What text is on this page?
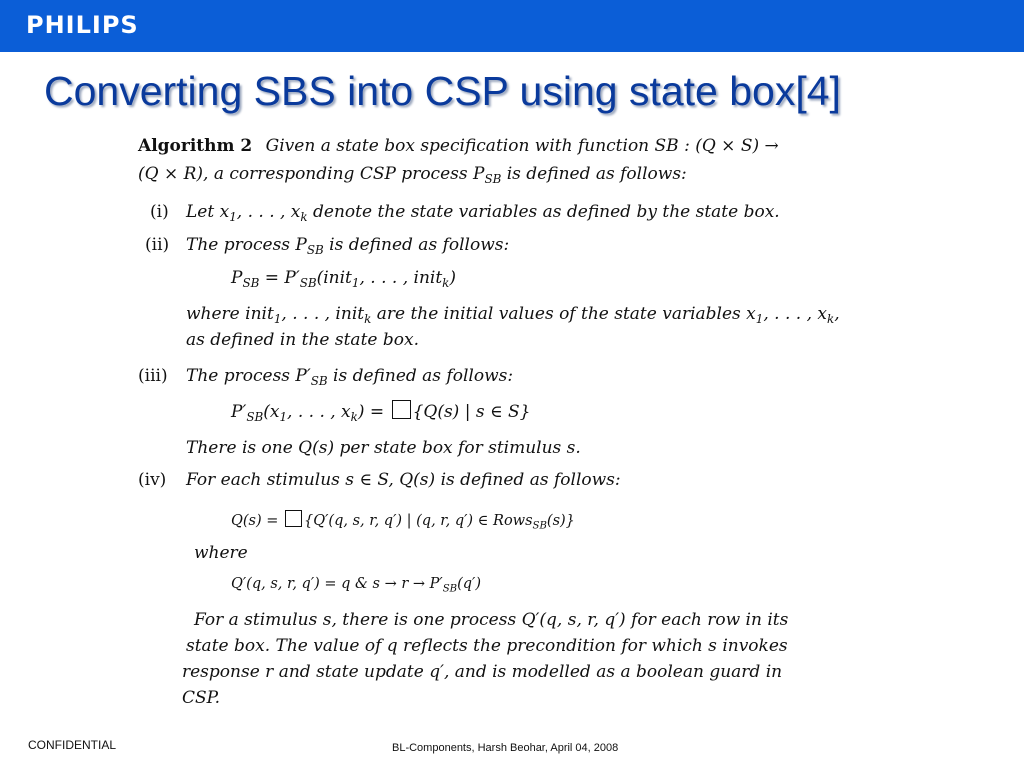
PHILIPS
Converting SBS into CSP using state box[4]
Algorithm 2 Given a state box specification with function SB : (Q × S) →
(Q × R), a corresponding CSP process $P_{SB}$ is defined as follows:
(i) Let $x_1$, . . . , $x_k$ denote the state variables as defined by the state box.
(ii) The process $P_{SB}$ is defined as follows:
$P_{SB}$ = $P'_{SB}(init_1$, . . . , init$_k$)
where init$_1$, . . . , init$_k$ are the initial values of the state variables $x_1$, . . . , $x_k$,
as defined in the state box.
(iii) The process $P'_{SB}$ is defined as follows:
$P'_{SB}(x_1$, . . . , $x_k) = \{Q(s)$ | s ∈ S}
There is one Q(s) per state box for stimulus s.
(iv) For each stimulus s ∈ S, Q(s) is defined as follows:
Q(s) = {Q′(q, s, r, q′) | (q, r, q′) ∈ Rows$_{SB}$(s)}
where
Q′(q, s, r, q′) = q & $s \to r \to P'_{SB}(q')$
For a stimulus s, there is one process Q′(q, s, r, q′) for each row in its
state box. The value of q reflects the precondition for which s invokes
response r and state update q′, and is modelled as a boolean guard in
CSP.
CONFIDENTIAL	BL-Components, Harsh Beohar, April 04, 2008
